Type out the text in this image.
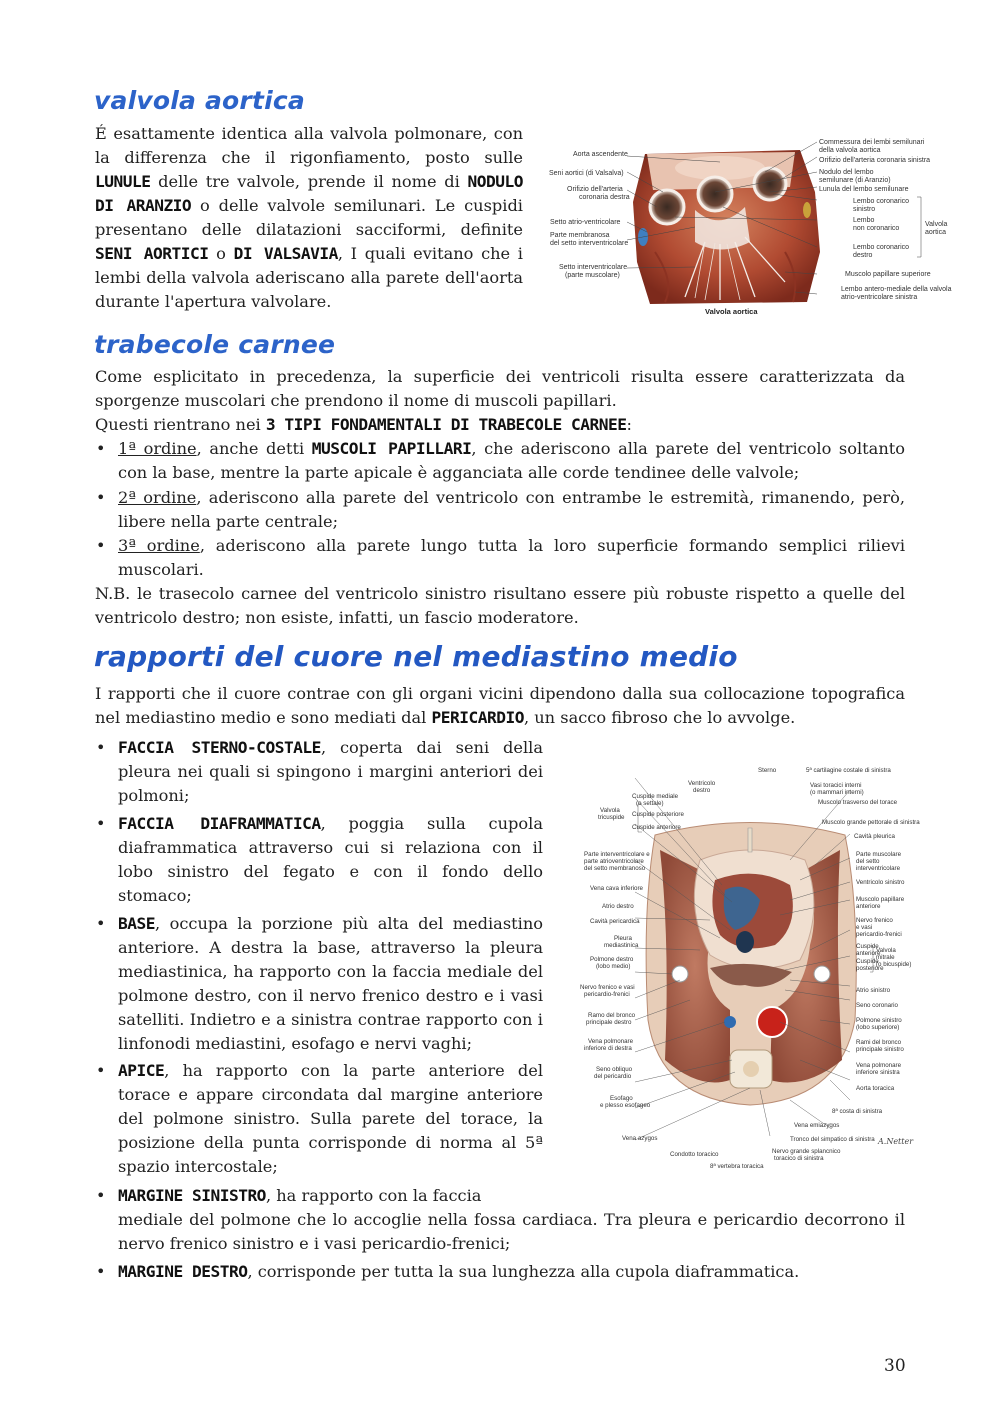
valvola aortica

É esattamente identica alla valvola polmonare, con la differenza che il rigonfiamento, posto sulle LUNULE delle tre valvole, prende il nome di NODULO DI ARANZIO o delle valvole semilunari. Le cuspidi presentano delle dilatazioni sacciformi, definite SENI AORTICI o DI VALSAVIA, I quali evitano che i lembi della valvola aderiscano alla parete dell'aorta durante l'apertura valvolare.

Aorta ascendente
Seni aortici (di Valsalva)
Orifizio dell'arteria
coronaria destra
Setto atrio-ventricolare
Parte membranosa
del setto interventricolare
Setto interventricolare
(parte muscolare)
Commessura dei lembi semilunari
della valvola aortica
Orifizio dell'arteria coronaria sinistra
Nodulo del lembo
semilunare (di Aranzio)
Lunula del lembo semilunare
Lembo coronarico
sinistro
Lembo
non coronarico
Lembo coronarico
destro
Muscolo papillare superiore
Lembo antero-mediale della valvola
atrio-ventricolare sinistra
Valvola
aortica
Valvola aortica
trabecole carnee

Come esplicitato in precedenza, la superficie dei ventricoli risulta essere caratterizzata da sporgenze muscolari che prendono il nome di muscoli papillari.

Questi rientrano nei 3 TIPI FONDAMENTALI DI TRABECOLE CARNEE:

• 1ª ordine, anche detti MUSCOLI PAPILLARI, che aderiscono alla parete del ventricolo soltanto con la base, mentre la parte apicale è agganciata alle corde tendinee delle valvole;

• 2ª ordine, aderiscono alla parete del ventricolo con entrambe le estremità, rimanendo, però, libere nella parte centrale;

• 3ª ordine, aderiscono alla parete lungo tutta la loro superficie formando semplici rilievi muscolari.

N.B. le trasecolo carnee del ventricolo sinistro risultano essere più robuste rispetto a quelle del ventricolo destro; non esiste, infatti, un fascio moderatore.

rapporti del cuore nel mediastino medio

I rapporti che il cuore contrae con gli organi vicini dipendono dalla sua collocazione topografica nel mediastino medio e sono mediati dal PERICARDIO, un sacco fibroso che lo avvolge.

• FACCIA STERNO-COSTALE, coperta dai seni della pleura nei quali si spingono i margini anteriori dei polmoni;

• FACCIA DIAFRAMMATICA, poggia sulla cupola diaframmatica attraverso cui si relaziona con il lobo sinistro del fegato e con il fondo dello stomaco;

• BASE, occupa la porzione più alta del mediastino anteriore. A destra la base, attraverso la pleura mediastinica, ha rapporto con la faccia mediale del polmone destro, con il nervo frenico destro e i vasi satelliti. Indietro e a sinistra contrae rapporto con i linfonodi mediastini, esofago e nervi vaghi;

• APICE, ha rapporto con la parte anteriore del torace e appare circondata dal margine anteriore del polmone sinistro. Sulla parete del torace, la posizione della punta corrisponde di norma al 5ª spazio intercostale;

• MARGINE SINISTRO, ha rapporto con la faccia

mediale del polmone che lo accoglie nella fossa cardiaca. Tra pleura e pericardio decorrono il nervo frenico sinistro e i vasi pericardio-frenici;

• MARGINE DESTRO, corrisponde per tutta la sua lunghezza alla cupola diaframmatica.

Sterno	5ª cartilagine costale di sinistra
Ventricolo
destro
Vasi toracici interni
(o mammari interni)
Cuspide mediale
(o settale)
Cuspide posteriore
Cuspide anteriore
Muscolo trasverso del torace
Muscolo grande pettorale di sinistra
Valvola
tricuspide
Parte interventricolare e
parte atrioventricolare
del setto membranoso
Vena cava inferiore
Atrio destro
Cavità pericardica
Pleura
mediastinica
Polmone destro
(lobo medio)
Nervo frenico e vasi
pericardio-frenici
Ramo del bronco
principale destro
Vena polmonare
inferiore di destra
Seno obliquo
del pericardio
Esofago
e plesso esofageo
Vena azygos
Condotto toracico
8ª vertebra toracica
Cavità pleurica
Parte muscolare
del setto
interventricolare
Ventricolo sinistro
Muscolo papillare
anteriore
Nervo frenico
e vasi
pericardio-frenici
Cuspide
anteriore
Cuspide
posteriore
Atrio sinistro
Seno coronario
Polmone sinistro
(lobo superiore)
Rami del bronco
principale sinistro
Vena polmonare
inferiore sinistra
Aorta toracica
8ª costa di sinistra
Vena emiazygos
Tronco del simpatico di sinistra
Nervo grande splancnico
toracico di sinistra
Valvola
mitrale
(o bicuspide)
A.Netter
30
